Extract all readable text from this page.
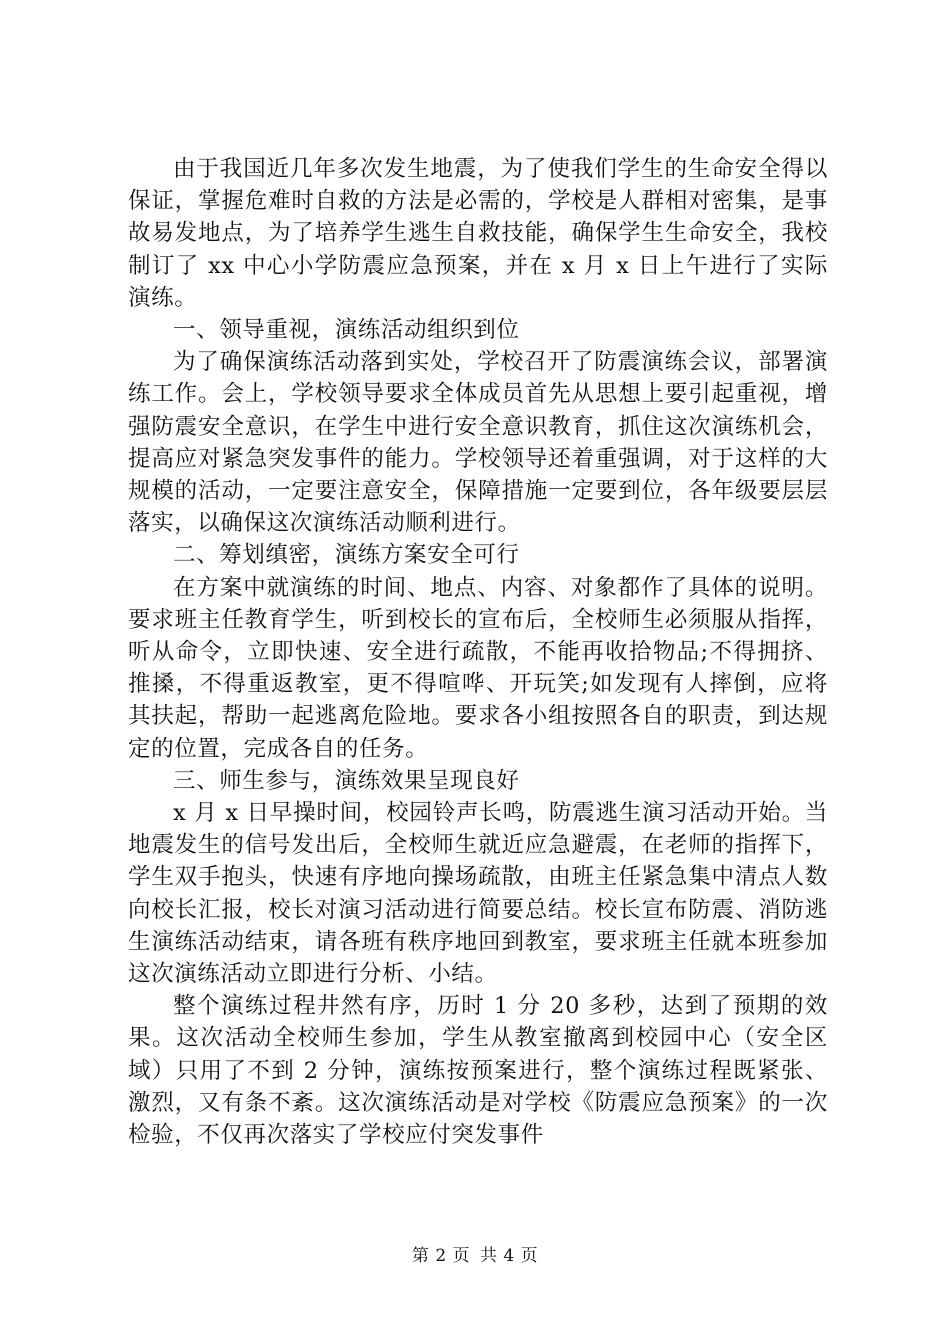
由于我国近几年多次发生地震，为了使我们学生的生命安全得以保证，掌握危难时自救的方法是必需的，学校是人群相对密集，是事故易发地点，为了培养学生逃生自救技能，确保学生生命安全，我校制订了 xx 中心小学防震应急预案，并在 x 月 x 日上午进行了实际演练。

一、领导重视，演练活动组织到位

为了确保演练活动落到实处，学校召开了防震演练会议，部署演练工作。会上，学校领导要求全体成员首先从思想上要引起重视，增强防震安全意识，在学生中进行安全意识教育，抓住这次演练机会，提高应对紧急突发事件的能力。学校领导还着重强调，对于这样的大规模的活动，一定要注意安全，保障措施一定要到位，各年级要层层落实，以确保这次演练活动顺利进行。

二、筹划缜密，演练方案安全可行

在方案中就演练的时间、地点、内容、对象都作了具体的说明。要求班主任教育学生，听到校长的宣布后，全校师生必须服从指挥，听从命令，立即快速、安全进行疏散，不能再收拾物品;不得拥挤、推搡，不得重返教室，更不得喧哗、开玩笑;如发现有人摔倒，应将其扶起，帮助一起逃离危险地。要求各小组按照各自的职责，到达规定的位置，完成各自的任务。

三、师生参与，演练效果呈现良好

x 月 x 日早操时间，校园铃声长鸣，防震逃生演习活动开始。当地震发生的信号发出后，全校师生就近应急避震，在老师的指挥下，学生双手抱头，快速有序地向操场疏散，由班主任紧急集中清点人数向校长汇报，校长对演习活动进行简要总结。校长宣布防震、消防逃生演练活动结束，请各班有秩序地回到教室，要求班主任就本班参加这次演练活动立即进行分析、小结。

整个演练过程井然有序，历时 1 分 20 多秒，达到了预期的效果。这次活动全校师生参加，学生从教室撤离到校园中心（安全区域）只用了不到 2 分钟，演练按预案进行，整个演练过程既紧张、激烈，又有条不紊。这次演练活动是对学校《防震应急预案》的一次检验，不仅再次落实了学校应付突发事件

第 2 页 共 4 页
